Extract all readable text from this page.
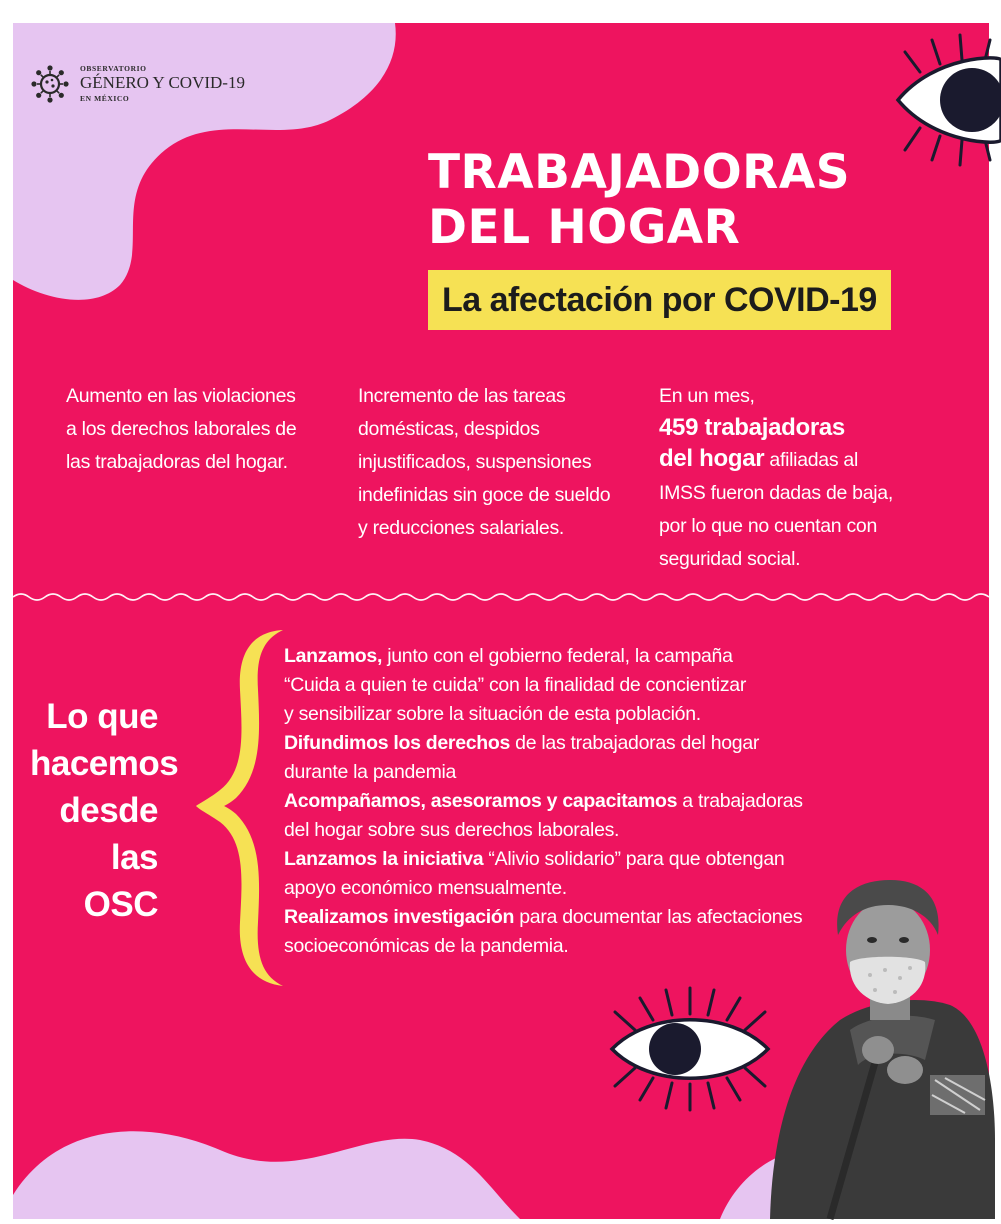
OBSERVATORIO
GÉNERO Y COVID-19
EN MÉXICO
TRABAJADORAS
DEL HOGAR
La afectación por COVID-19
Aumento en las violaciones
a los derechos laborales de
las trabajadoras del hogar.
Incremento de las tareas
domésticas, despidos
injustificados, suspensiones
indefinidas sin goce de sueldo
y reducciones salariales.
En un mes,
459 trabajadoras
del hogar afiliadas al
IMSS fueron dadas de baja,
por lo que no cuentan con
seguridad social.
Lo que
hacemos
desde
las OSC
Lanzamos, junto con el gobierno federal, la campaña
“Cuida a quien te cuida” con la finalidad de concientizar
y sensibilizar sobre la situación de esta población.
Difundimos los derechos de las trabajadoras del hogar
durante la pandemia
Acompañamos, asesoramos y capacitamos a trabajadoras
del hogar sobre sus derechos laborales.
Lanzamos la iniciativa “Alivio solidario” para que obtengan
apoyo económico mensualmente.
Realizamos investigación para documentar las afectaciones
socioeconómicas de la pandemia.
